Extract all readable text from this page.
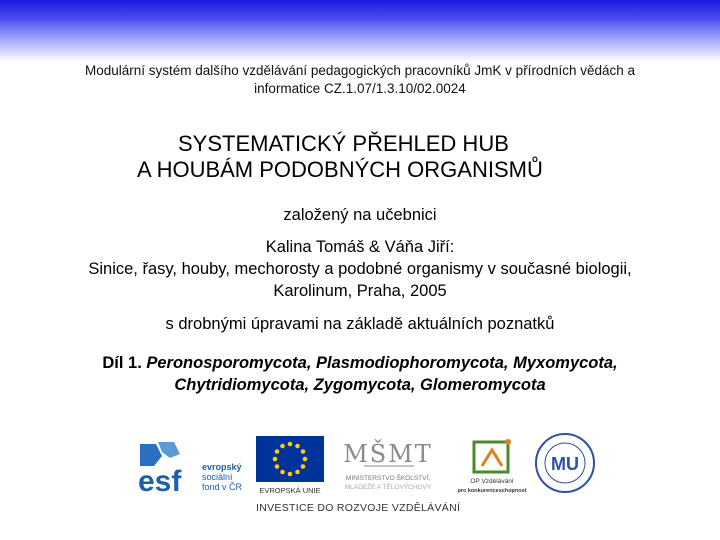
Modulární systém dalšího vzdělávání pedagogických pracovníků JmK v přírodních vědách a
informatice CZ.1.07/1.3.10/02.0024
SYSTEMATICKÝ PŘEHLED HUB
A HOUBÁM PODOBNÝCH ORGANISMŮ
založený na učebnici
Kalina Tomáš & Váňa Jiří:
Sinice, řasy, houby, mechorosty a podobné organismy v současné biologii,
Karolinum, Praha, 2005
s drobnými úpravami na základě aktuálních poznatků
Díl 1. Peronosporomycota, Plasmodiophoromycota, Myxomycota,
Chytridiomycota, Zygomycota, Glomeromycota
esf evropský
sociální
fond v ČR EVROPSKÁ UNIE
MŠMT
MINISTERSTVO ŠKOLSTVÍ,
MLÁDEŽE A TĚLOVÝCHOVY
OP Vzdělávání
pro konkurenceschopnost
MU
INVESTICE DO ROZVOJE VZDĚLÁVÁNÍ
